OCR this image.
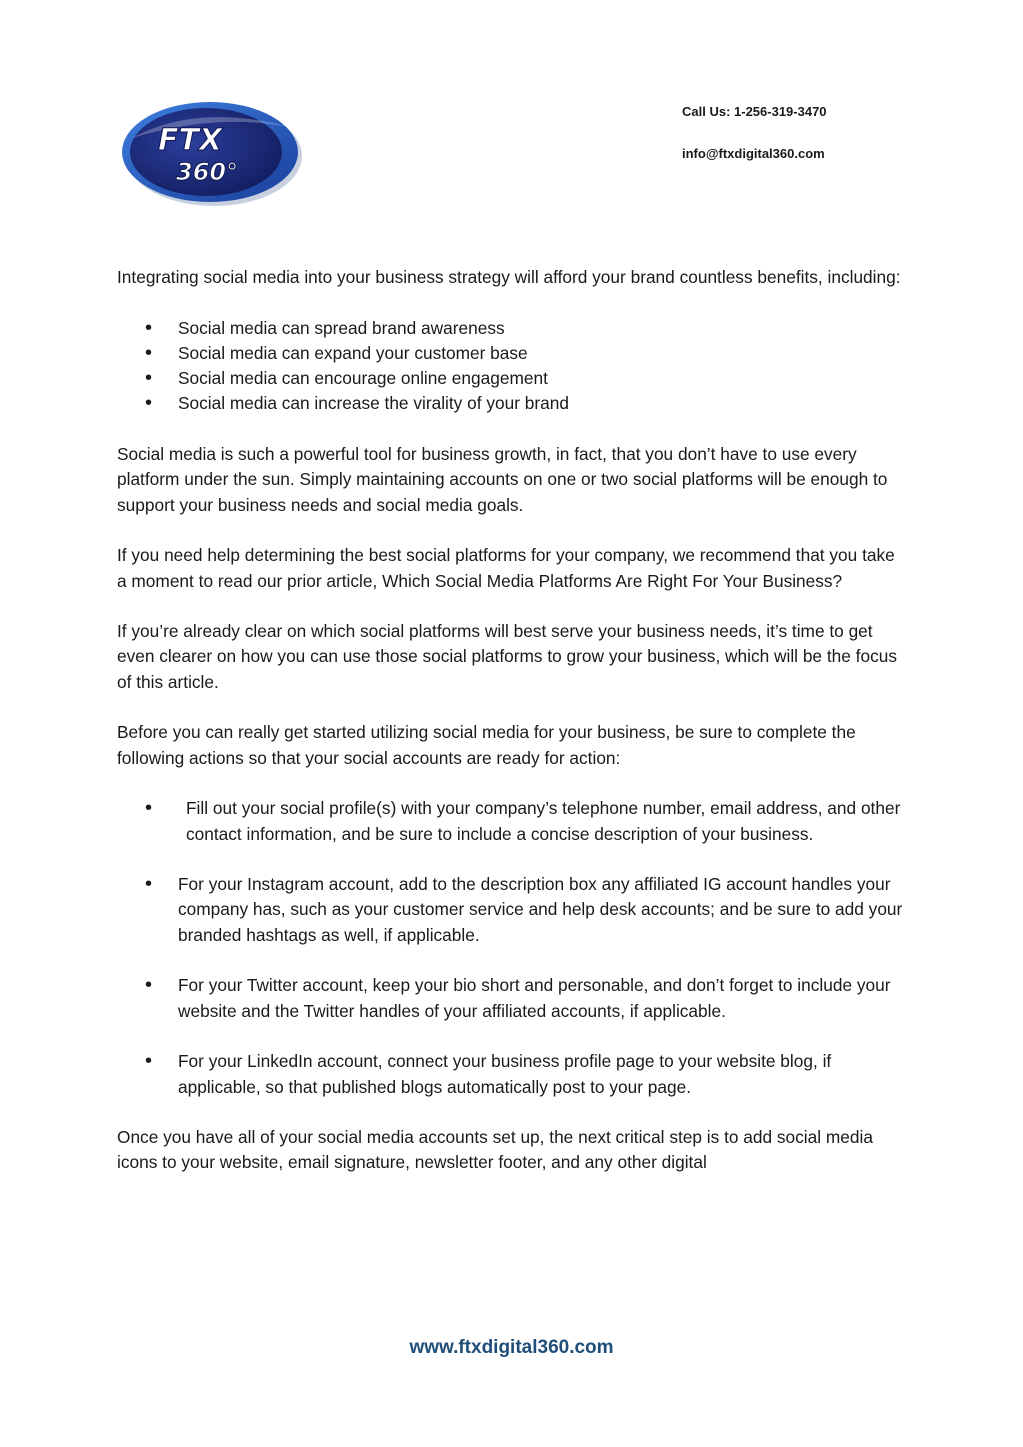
FTX
360°
Call Us: 1-256-319-3470
info@ftxdigital360.com

Integrating social media into your business strategy will afford your brand countless benefits, including:

• Social media can spread brand awareness
• Social media can expand your customer base
• Social media can encourage online engagement
• Social media can increase the virality of your brand

Social media is such a powerful tool for business growth, in fact, that you don’t have to use every platform under the sun. Simply maintaining accounts on one or two social platforms will be enough to support your business needs and social media goals.

If you need help determining the best social platforms for your company, we recommend that you take a moment to read our prior article, Which Social Media Platforms Are Right For Your Business?

If you’re already clear on which social platforms will best serve your business needs, it’s time to get even clearer on how you can use those social platforms to grow your business, which will be the focus of this article.

Before you can really get started utilizing social media for your business, be sure to complete the following actions so that your social accounts are ready for action:

• Fill out your social profile(s) with your company’s telephone number, email address, and other contact information, and be sure to include a concise description of your business.
• For your Instagram account, add to the description box any affiliated IG account handles your company has, such as your customer service and help desk accounts; and be sure to add your branded hashtags as well, if applicable.
• For your Twitter account, keep your bio short and personable, and don’t forget to include your website and the Twitter handles of your affiliated accounts, if applicable.
• For your LinkedIn account, connect your business profile page to your website blog, if applicable, so that published blogs automatically post to your page.

Once you have all of your social media accounts set up, the next critical step is to add social media icons to your website, email signature, newsletter footer, and any other digital

www.ftxdigital360.com
